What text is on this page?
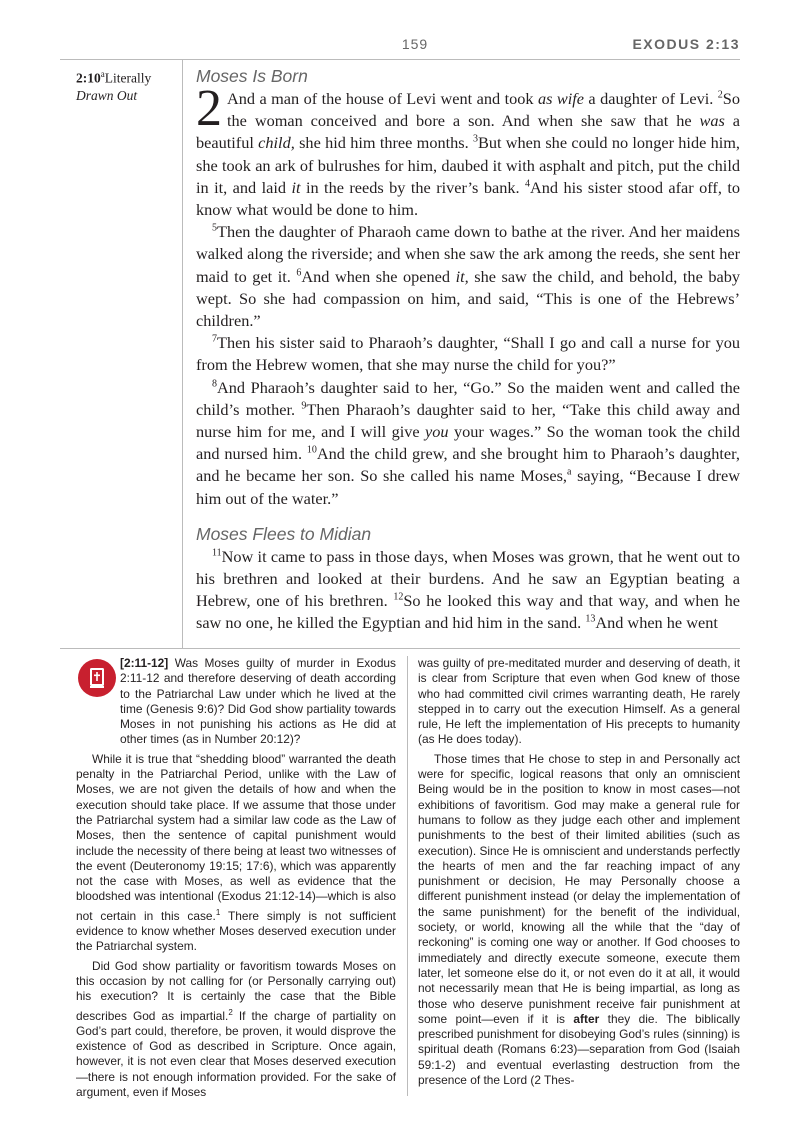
159	EXODUS 2:13
2:10$^a$Literally
Drawn Out
Moses Is Born

2 And a man of the house of Levi went and took as wife a daughter of Levi. $^2$So the woman conceived and bore a son. And when she saw that he was a beautiful child, she hid him three months. $^3$But when she could no longer hide him, she took an ark of bulrushes for him, daubed it with asphalt and pitch, put the child in it, and laid it in the reeds by the river’s bank. $^4$And his sister stood afar off, to know what would be done to him.

$^5$Then the daughter of Pharaoh came down to bathe at the river. And her maidens walked along the riverside; and when she saw the ark among the reeds, she sent her maid to get it. $^6$And when she opened it, she saw the child, and behold, the baby wept. So she had compassion on him, and said, “This is one of the Hebrews’ children.”

$^7$Then his sister said to Pharaoh’s daughter, “Shall I go and call a nurse for you from the Hebrew women, that she may nurse the child for you?”

$^8$And Pharaoh’s daughter said to her, “Go.” So the maiden went and called the child’s mother. $^9$Then Pharaoh’s daughter said to her, “Take this child away and nurse him for me, and I will give you your wages.” So the woman took the child and nursed him. $^{10}$And the child grew, and she brought him to Pharaoh’s daughter, and he became her son. So she called his name Moses,$^a$ saying, “Because I drew him out of the water.”

Moses Flees to Midian

$^{11}$Now it came to pass in those days, when Moses was grown, that he went out to his brethren and looked at their burdens. And he saw an Egyptian beating a Hebrew, one of his brethren. $^{12}$So he looked this way and that way, and when he saw no one, he killed the Egyptian and hid him in the sand. $^{13}$And when he went

[2:11-12] Was Moses guilty of murder in Exodus 2:11-12 and therefore deserving of death according to the Patriarchal Law under which he lived at the time (Genesis 9:6)? Did God show partiality towards Moses in not punishing his actions as He did at other times (as in Number 20:12)?

While it is true that “shedding blood” warranted the death penalty in the Patriarchal Period, unlike with the Law of Moses, we are not given the details of how and when the execution should take place. If we assume that those under the Patriarchal system had a similar law code as the Law of Moses, then the sentence of capital punishment would include the necessity of there being at least two witnesses of the event (Deuteronomy 19:15; 17:6), which was apparently not the case with Moses, as well as evidence that the bloodshed was intentional (Exodus 21:12-14)—which is also not certain in this case.$^1$ There simply is not sufficient evidence to know whether Moses deserved execution under the Patriarchal system.

Did God show partiality or favoritism towards Moses on this occasion by not calling for (or Personally carrying out) his execution? It is certainly the case that the Bible describes God as impartial.$^2$ If the charge of partiality on God’s part could, therefore, be proven, it would disprove the existence of God as described in Scripture. Once again, however, it is not even clear that Moses deserved execution—there is not enough information provided. For the sake of argument, even if Moses

was guilty of pre-meditated murder and deserving of death, it is clear from Scripture that even when God knew of those who had committed civil crimes warranting death, He rarely stepped in to carry out the execution Himself. As a general rule, He left the implementation of His precepts to humanity (as He does today).

Those times that He chose to step in and Personally act were for specific, logical reasons that only an omniscient Being would be in the position to know in most cases—not exhibitions of favoritism. God may make a general rule for humans to follow as they judge each other and implement punishments to the best of their limited abilities (such as execution). Since He is omniscient and understands perfectly the hearts of men and the far reaching impact of any punishment or decision, He may Personally choose a different punishment instead (or delay the implementation of the same punishment) for the benefit of the individual, society, or world, knowing all the while that the “day of reckoning” is coming one way or another. If God chooses to immediately and directly execute someone, execute them later, let someone else do it, or not even do it at all, it would not necessarily mean that He is being impartial, as long as those who deserve punishment receive fair punishment at some point—even if it is after they die. The biblically prescribed punishment for disobeying God’s rules (sinning) is spiritual death (Romans 6:23)—separation from God (Isaiah 59:1-2) and eventual everlasting destruction from the presence of the Lord (2 Thes-
